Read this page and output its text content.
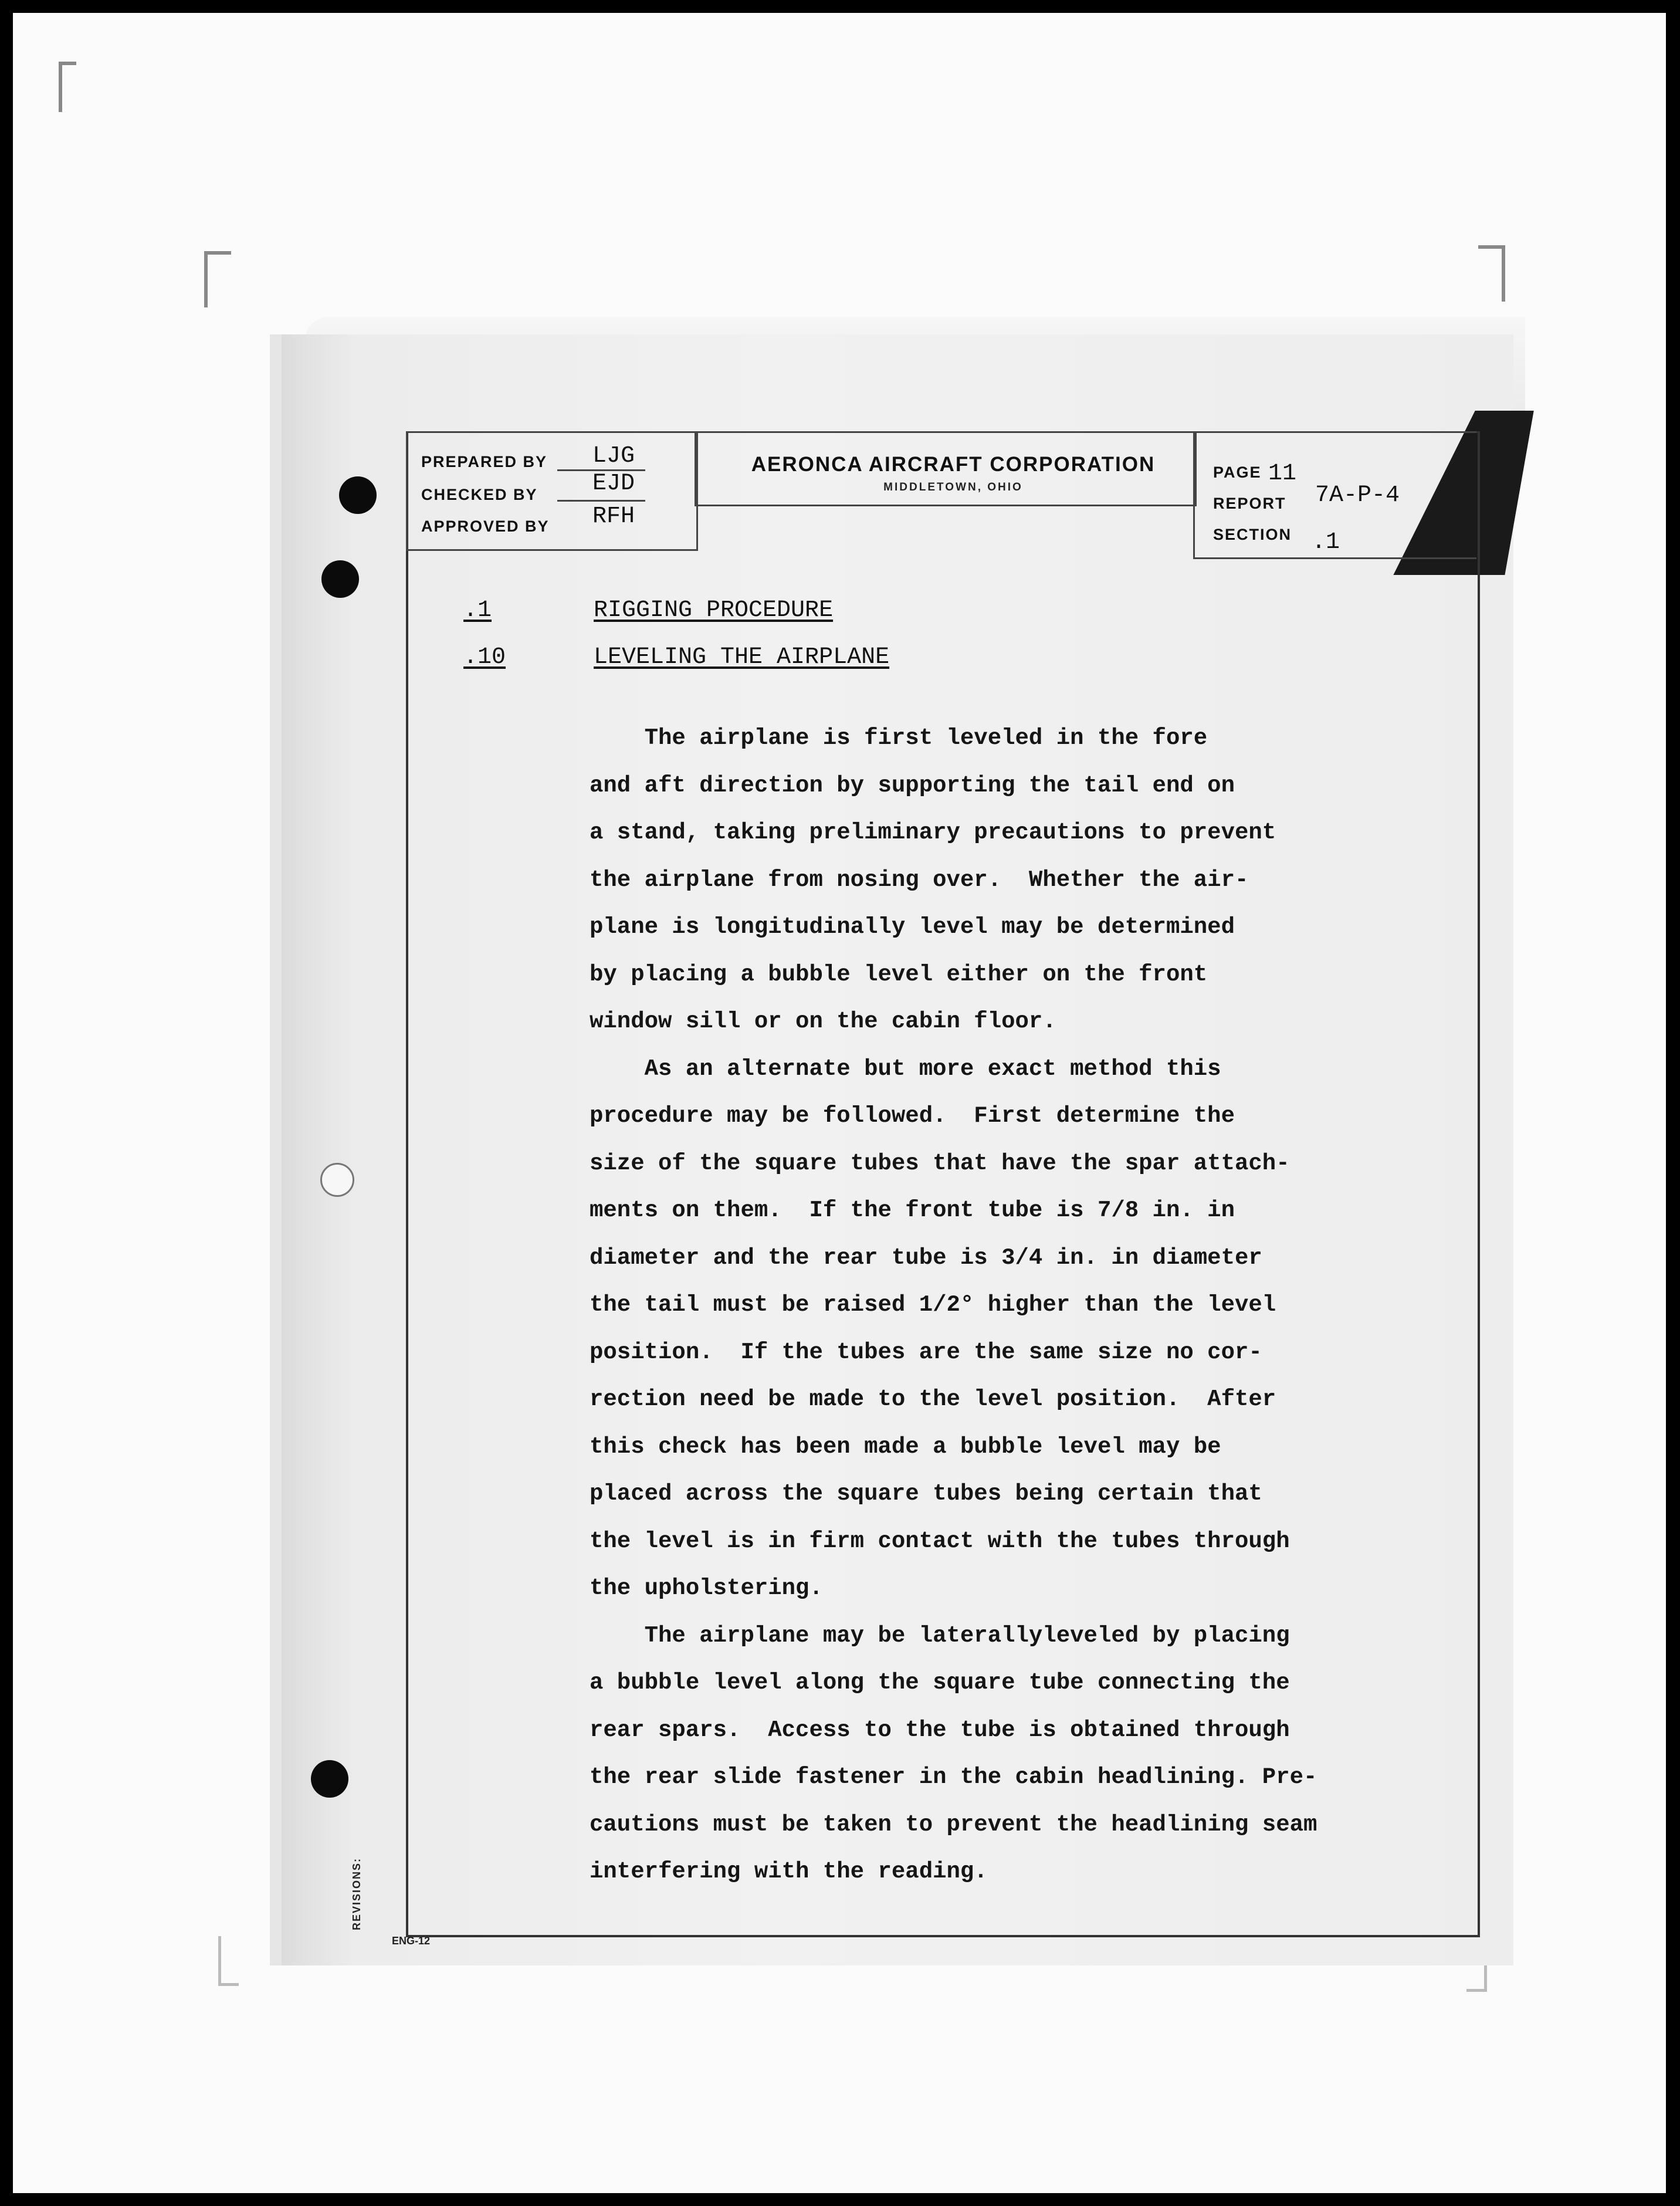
PREPARED BY LJG
CHECKED BY EJD
APPROVED BY RFH
AERONCA AIRCRAFT CORPORATION
MIDDLETOWN, OHIO
PAGE 11
REPORT 7A-P-4
SECTION .1
.1	RIGGING PROCEDURE
.10	LEVELING THE AIRPLANE
The airplane is first leveled in the fore
and aft direction by supporting the tail end on
a stand, taking preliminary precautions to prevent
the airplane from nosing over.  Whether the air-
plane is longitudinally level may be determined
by placing a bubble level either on the front
window sill or on the cabin floor.
As an alternate but more exact method this
procedure may be followed.  First determine the
size of the square tubes that have the spar attach-
ments on them.  If the front tube is 7/8 in. in
diameter and the rear tube is 3/4 in. in diameter
the tail must be raised 1/2° higher than the level
position.  If the tubes are the same size no cor-
rection need be made to the level position.  After
this check has been made a bubble level may be
placed across the square tubes being certain that
the level is in firm contact with the tubes through
the upholstering.
The airplane may be laterallyleveled by placing
a bubble level along the square tube connecting the
rear spars.  Access to the tube is obtained through
the rear slide fastener in the cabin headlining. Pre-
cautions must be taken to prevent the headlining seam
interfering with the reading.
REVISIONS:
ENG-12
